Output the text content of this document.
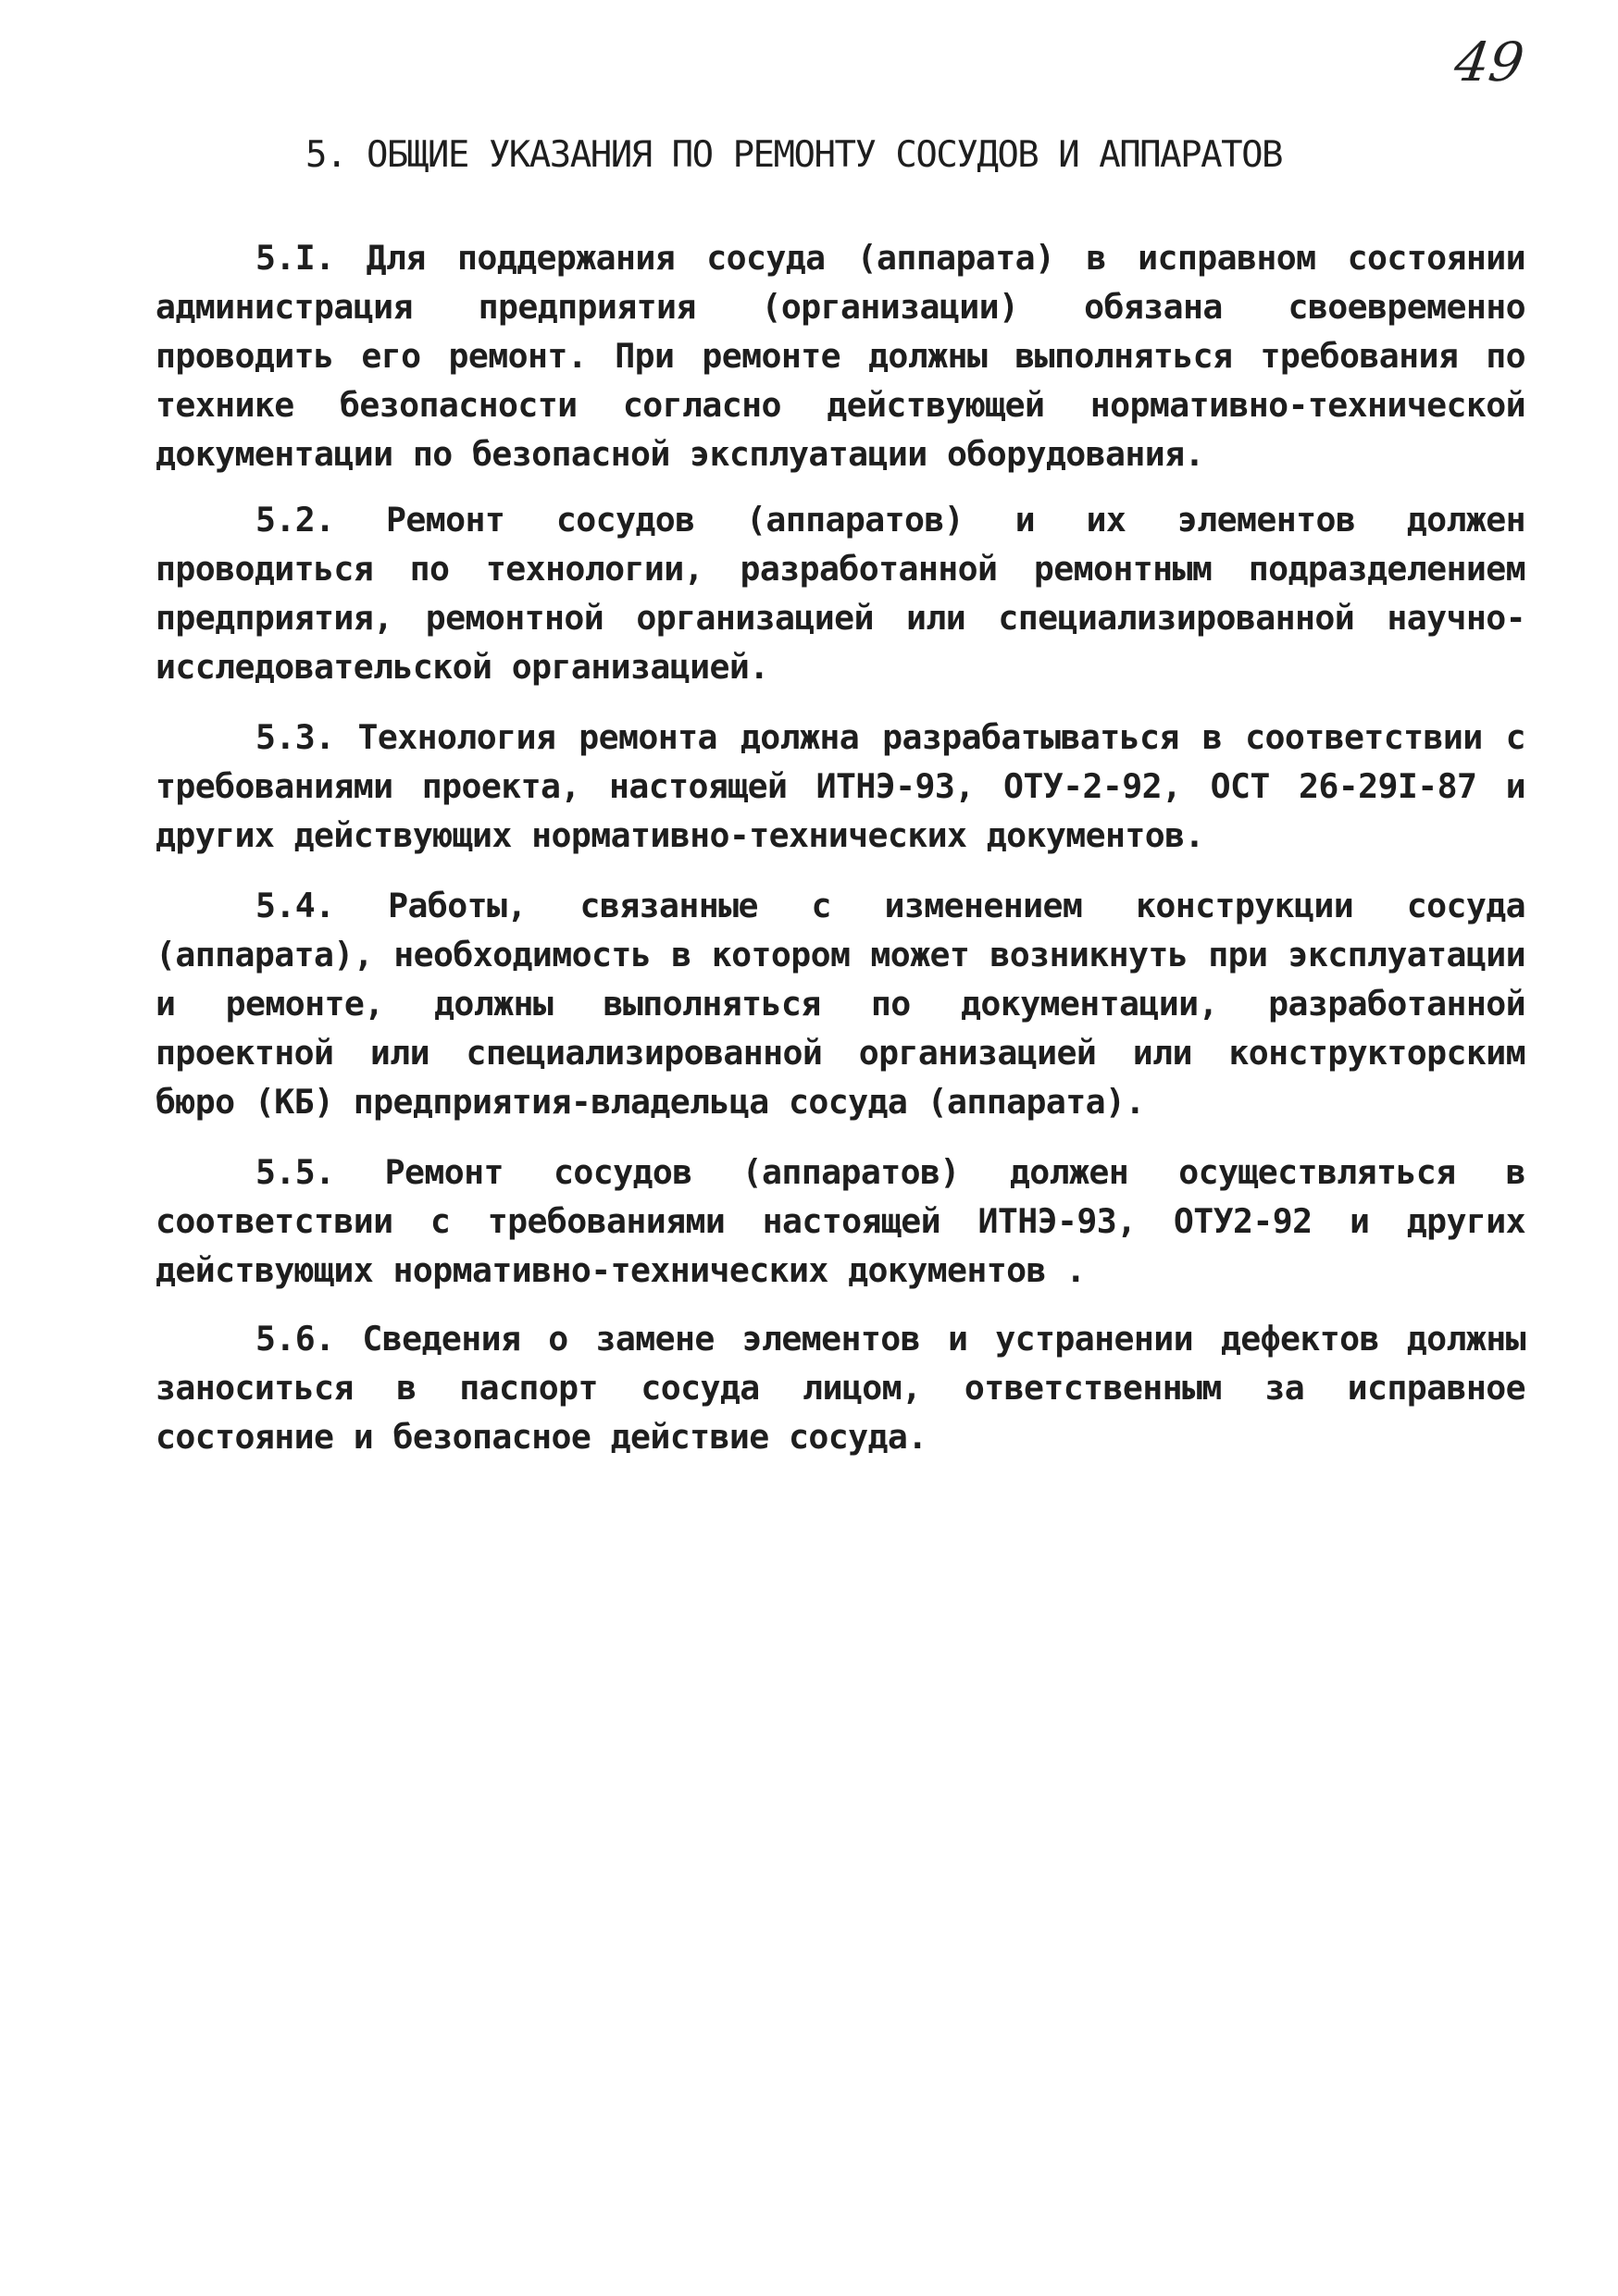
49
5. ОБЩИЕ УКАЗАНИЯ ПО РЕМОНТУ СОСУДОВ И АППАРАТОВ

5.I. Для поддержания сосуда (аппарата) в исправном состоянии администрация предприятия (организации) обязана своевременно проводить его ремонт. При ремонте должны выполняться требования по технике безопасности согласно действующей нормативно-технической документации по безопасной эксплуатации оборудования.

5.2. Ремонт сосудов (аппаратов) и их элементов должен проводиться по технологии, разработанной ремонтным подразделением предприятия, ремонтной организацией или специализированной научно-исследовательской организацией.

5.3. Технология ремонта должна разрабатываться в соответствии с требованиями проекта, настоящей ИТНЭ-93, ОТУ-2-92, ОСТ 26-29I-87 и других действующих нормативно-технических документов.

5.4. Работы, связанные с изменением конструкции сосуда (аппарата), необходимость в котором может возникнуть при эксплуатации и ремонте, должны выполняться по документации, разработанной проектной или специализированной организацией или конструкторским бюро (КБ) предприятия-владельца сосуда (аппарата).

5.5. Ремонт сосудов (аппаратов) должен осуществляться в соответствии с требованиями настоящей ИТНЭ-93, ОТУ2-92 и других действующих нормативно-технических документов .

5.6. Сведения о замене элементов и устранении дефектов должны заноситься в паспорт сосуда лицом, ответственным за исправное состояние и безопасное действие сосуда.
